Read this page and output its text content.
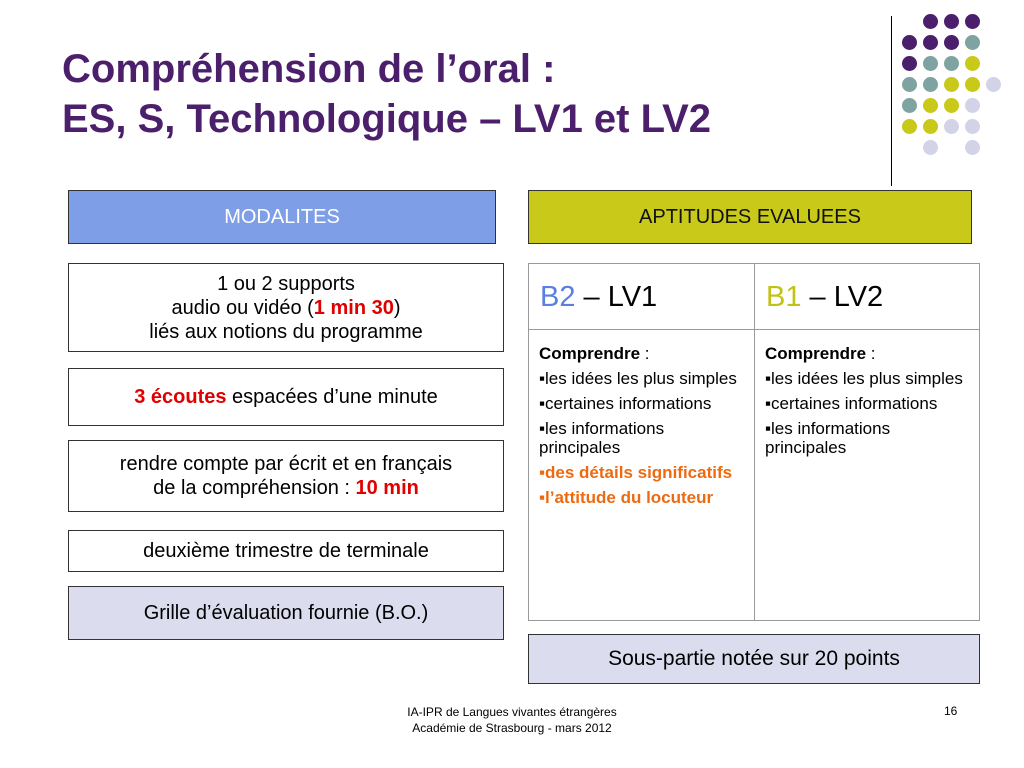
Compréhension de l’oral :
ES, S, Technologique – LV1 et LV2
MODALITES	APTITUDES EVALUEES
1 ou 2 supports
audio ou vidéo (1 min 30)
liés aux notions du programme
3 écoutes espacées d’une minute
rendre compte par écrit et en français
de la compréhension : 10 min
deuxième trimestre de terminale
Grille d’évaluation fournie (B.O.)
B2 – LV1	B1 – LV2
Comprendre :
▪les idées les plus simples
▪certaines informations
▪les informations principales
▪des détails significatifs
▪l’attitude du locuteur
Comprendre :
▪les idées les plus simples
▪certaines informations
▪les informations principales
Sous-partie notée sur 20 points
IA-IPR de Langues vivantes étrangères
Académie de Strasbourg - mars 2012
16
